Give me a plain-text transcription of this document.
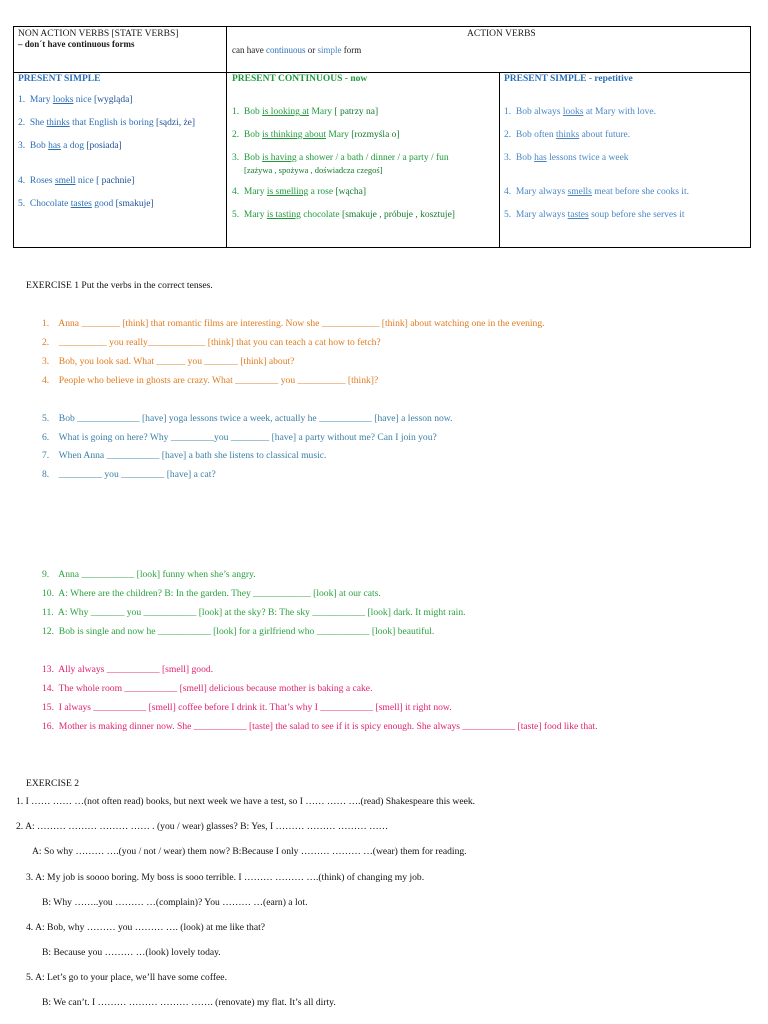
NON ACTION VERBS [STATE VERBS]
– don´t have continuous forms
ACTION VERBS
can have continuous or simple form
PRESENT SIMPLE	PRESENT CONTINUOUS - now	PRESENT SIMPLE - repetitive
1. Mary looks nice [wygląda]
2. She thinks that English is boring [sądzi, że]
3. Bob has a dog [posiada]
4. Roses smell nice [ pachnie]
5. Chocolate tastes good [smakuje]
1. Bob is looking at Mary [ patrzy na]
2. Bob is thinking about Mary [rozmyśla o]
3. Bob is having a shower / a bath / dinner / a party / fun
[zażywa , spożywa , doświadcza czegoś]
4. Mary is smelling a rose [wącha]
5. Mary is tasting chocolate [smakuje , próbuje , kosztuje]
1. Bob always looks at Mary with love.
2. Bob often thinks about future.
3. Bob has lessons twice a week
4. Mary always smells meat before she cooks it.
5. Mary always tastes soup before she serves it
EXERCISE 1 Put the verbs in the correct tenses.
1. Anna ________ [think] that romantic films are interesting. Now she ____________ [think] about watching one in the evening.
2. __________ you really____________ [think] that you can teach a cat how to fetch?
3. Bob, you look sad. What ______ you _______ [think] about?
4. People who believe in ghosts are crazy. What _________ you __________ [think]?
5. Bob _____________ [have] yoga lessons twice a week, actually he ___________ [have] a lesson now.
6. What is going on here? Why _________you ________ [have] a party without me? Can I join you?
7. When Anna ___________ [have] a bath she listens to classical music.
8. _________ you _________ [have] a cat?
9. Anna ___________ [look] funny when she’s angry.
10. A: Where are the children? B: In the garden. They ____________ [look] at our cats.
11. A: Why _______ you ___________ [look] at the sky? B: The sky ___________ [look] dark. It might rain.
12. Bob is single and now he ___________ [look] for a girlfriend who ___________ [look] beautiful.
13. Ally always ___________ [smell] good.
14. The whole room ___________ [smell] delicious because mother is baking a cake.
15. I always ___________ [smell] coffee before I drink it. That’s why I ___________ [smell] it right now.
16. Mother is making dinner now. She ___________ [taste] the salad to see if it is spicy enough. She always ___________ [taste] food like that.
EXERCISE 2
1. I …… …… …(not often read) books, but next week we have a test, so I …… …… ….(read) Shakespeare this week.
2. A: ……… ……… ……… …… . (you / wear) glasses? B: Yes, I ……… ……… ……… ……
A: So why ……… ….(you / not / wear) them now? B:Because I only ……… ……… …(wear) them for reading.
3. A: My job is soooo boring. My boss is sooo terrible. I ……… ……… ….(think) of changing my job.
B: Why ……..you ……… …(complain)? You ……… …(earn) a lot.
4. A: Bob, why ……… you ……… …. (look) at me like that?
B: Because you ……… …(look) lovely today.
5. A: Let’s go to your place, we’ll have some coffee.
B: We can’t. I ……… ……… ……… ……. (renovate) my flat. It’s all dirty.
